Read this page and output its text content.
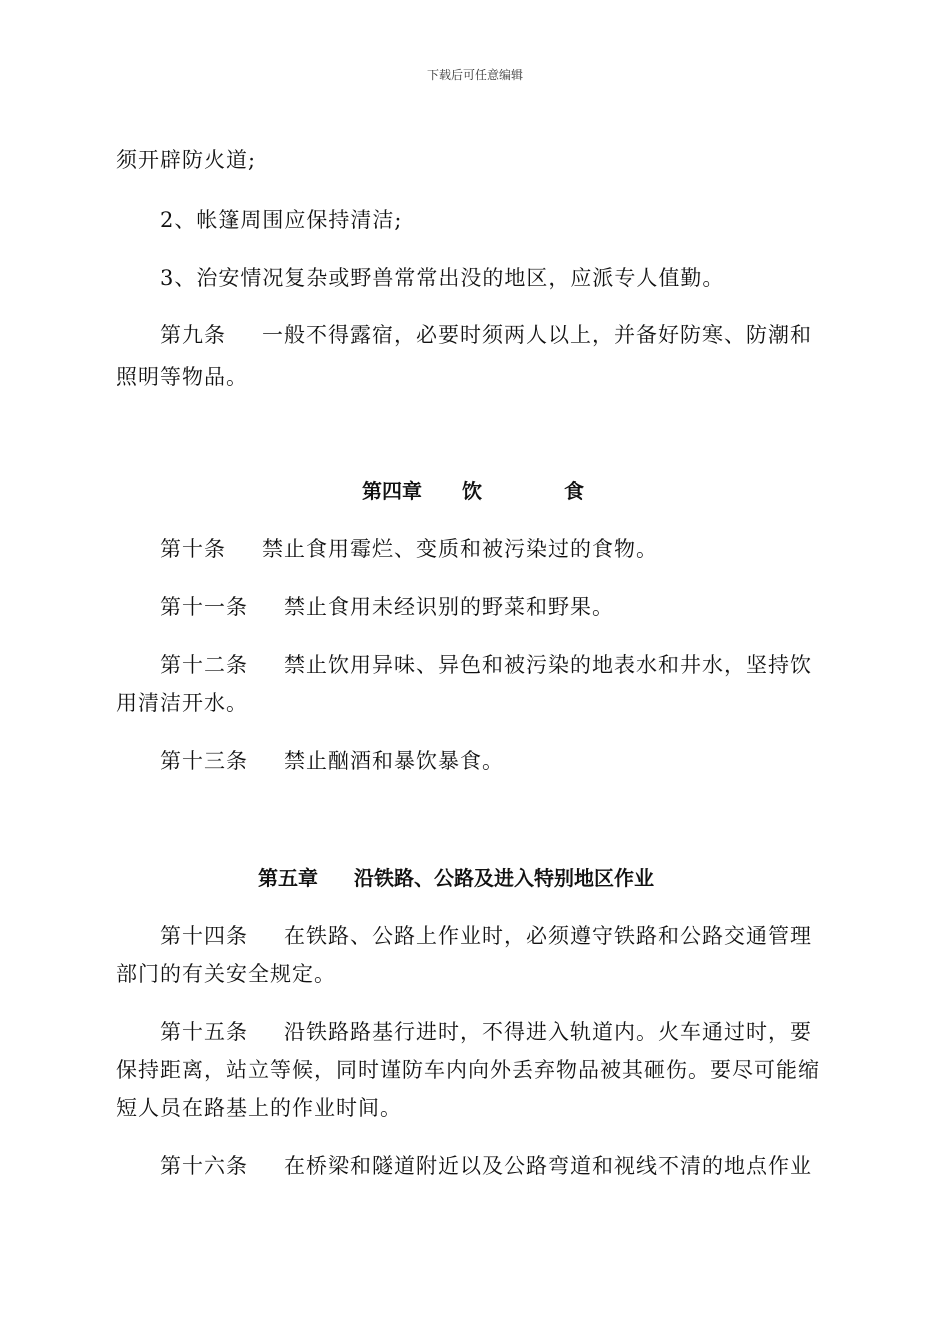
下载后可任意编辑
须开辟防火道;
2、帐篷周围应保持清洁;
3、治安情况复杂或野兽常常出没的地区，应派专人值勤。
第九条 一般不得露宿，必要时须两人以上，并备好防寒、防潮和
照明等物品。
第四章 饮	食
第十条 禁止食用霉烂、变质和被污染过的食物。
第十一条 禁止食用未经识别的野菜和野果。
第十二条 禁止饮用异味、异色和被污染的地表水和井水，坚持饮
用清洁开水。
第十三条 禁止酗酒和暴饮暴食。
第五章 沿铁路、公路及进入特别地区作业
第十四条 在铁路、公路上作业时，必须遵守铁路和公路交通管理
部门的有关安全规定。
第十五条 沿铁路路基行进时，不得进入轨道内。火车通过时，要
保持距离，站立等候，同时谨防车内向外丢弃物品被其砸伤。要尽可能缩
短人员在路基上的作业时间。
第十六条 在桥梁和隧道附近以及公路弯道和视线不清的地点作业
